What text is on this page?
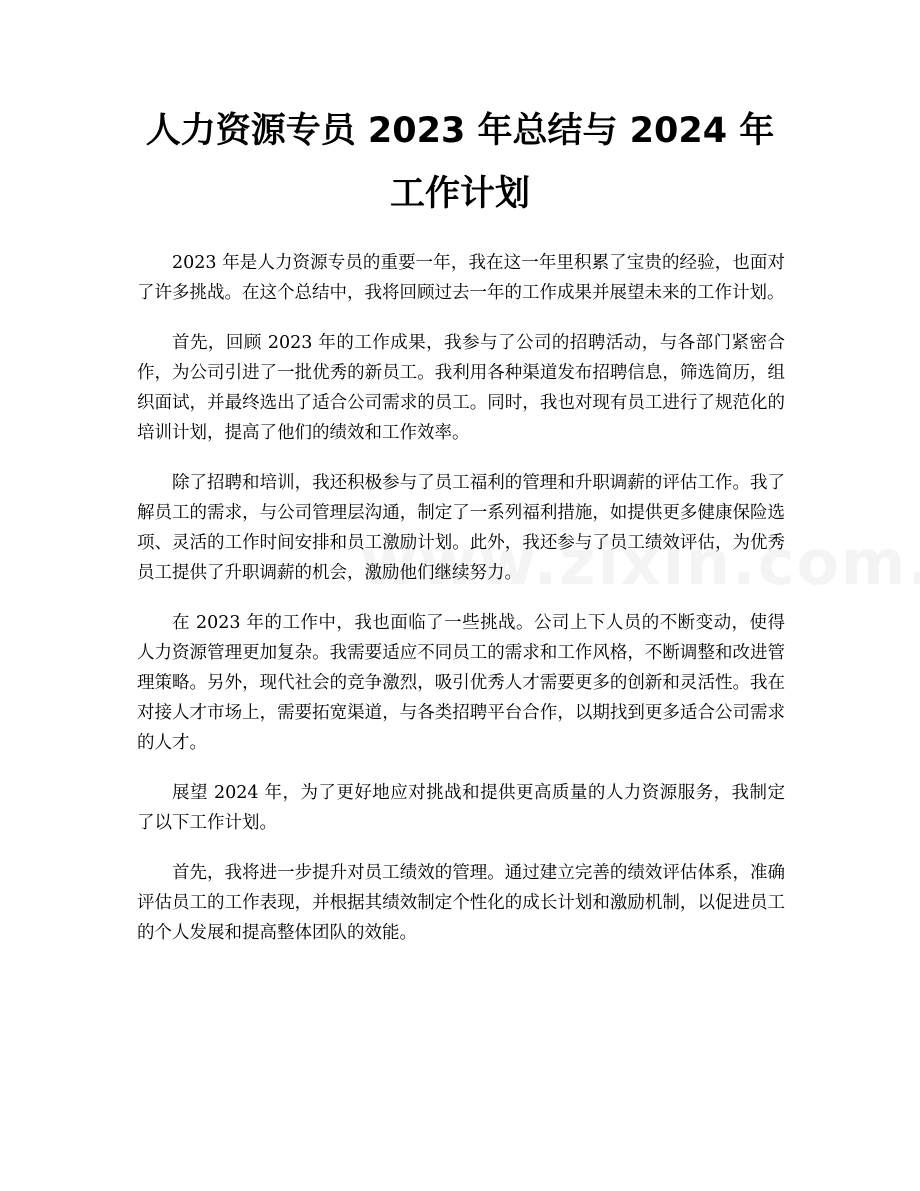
人力资源专员 2023 年总结与 2024 年工作计划

2023 年是人力资源专员的重要一年，我在这一年里积累了宝贵的经验，也面对了许多挑战。在这个总结中，我将回顾过去一年的工作成果并展望未来的工作计划。

首先，回顾 2023 年的工作成果，我参与了公司的招聘活动，与各部门紧密合作，为公司引进了一批优秀的新员工。我利用各种渠道发布招聘信息，筛选简历，组织面试，并最终选出了适合公司需求的员工。同时，我也对现有员工进行了规范化的培训计划，提高了他们的绩效和工作效率。

除了招聘和培训，我还积极参与了员工福利的管理和升职调薪的评估工作。我了解员工的需求，与公司管理层沟通，制定了一系列福利措施，如提供更多健康保险选项、灵活的工作时间安排和员工激励计划。此外，我还参与了员工绩效评估，为优秀员工提供了升职调薪的机会，激励他们继续努力。

在 2023 年的工作中，我也面临了一些挑战。公司上下人员的不断变动，使得人力资源管理更加复杂。我需要适应不同员工的需求和工作风格，不断调整和改进管理策略。另外，现代社会的竞争激烈，吸引优秀人才需要更多的创新和灵活性。我在对接人才市场上，需要拓宽渠道，与各类招聘平台合作，以期找到更多适合公司需求的人才。

展望 2024 年，为了更好地应对挑战和提供更高质量的人力资源服务，我制定了以下工作计划。

首先，我将进一步提升对员工绩效的管理。通过建立完善的绩效评估体系，准确评估员工的工作表现，并根据其绩效制定个性化的成长计划和激励机制，以促进员工的个人发展和提高整体团队的效能。
